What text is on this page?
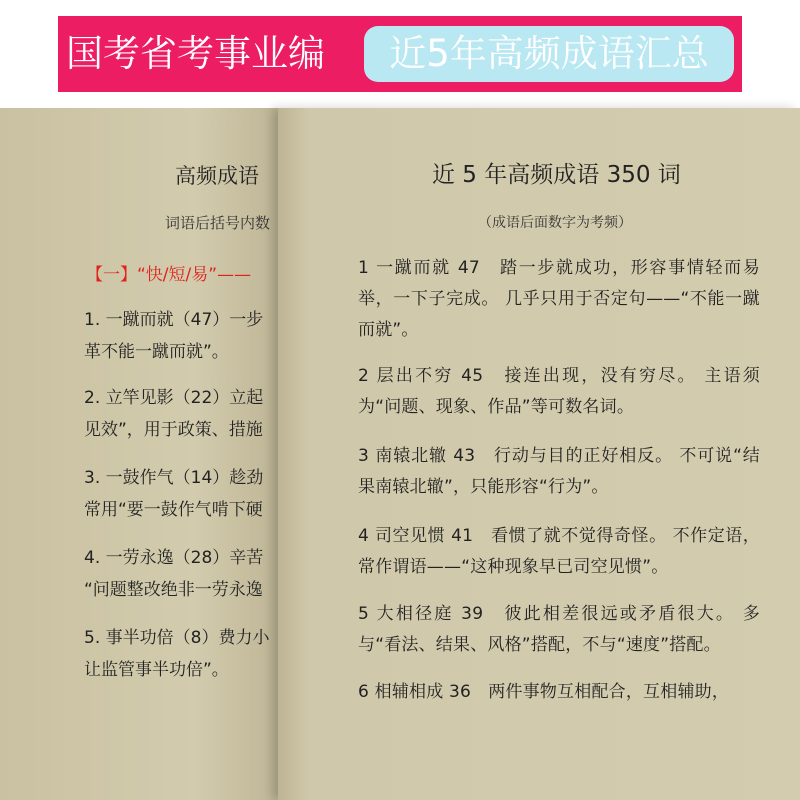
国考省考事业编	近5年高频成语汇总
高频成语
词语后括号内数
【一】“快/短/易”——
1. 一蹴而就（47）一步
革不能一蹴而就”。
2. 立竿见影（22）立起
见效”，用于政策、措施
3. 一鼓作气（14）趁劲
常用“要一鼓作气啃下硬
4. 一劳永逸（28）辛苦
“问题整改绝非一劳永逸
5. 事半功倍（8）费力小
让监管事半功倍”。
近 5 年高频成语 350 词
（成语后面数字为考频）
1 一蹴而就 47　踏一步就成功，形容事情轻而易举，一下子完成。 几乎只用于否定句——“不能一蹴而就”。
2 层出不穷 45　接连出现，没有穷尽。 主语须为“问题、现象、作品”等可数名词。
3 南辕北辙 43　行动与目的正好相反。 不可说“结果南辕北辙”，只能形容“行为”。
4 司空见惯 41　看惯了就不觉得奇怪。 不作定语，常作谓语——“这种现象早已司空见惯”。
5 大相径庭 39　彼此相差很远或矛盾很大。 多与“看法、结果、风格”搭配，不与“速度”搭配。
6 相辅相成 36　两件事物互相配合，互相辅助，
